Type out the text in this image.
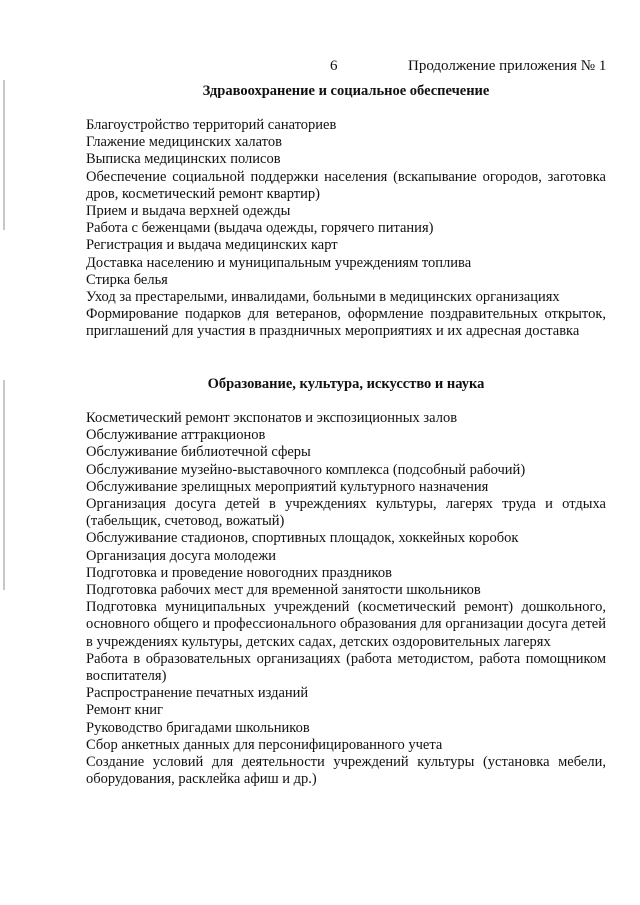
6	Продолжение приложения № 1
Здравоохранение и социальное обеспечение
Благоустройство территорий санаториев
Глажение медицинских халатов
Выписка медицинских полисов
Обеспечение социальной поддержки населения (вскапывание огородов, заготовка дров, косметический ремонт квартир)
Прием и выдача верхней одежды
Работа с беженцами (выдача одежды, горячего питания)
Регистрация и выдача медицинских карт
Доставка населению и муниципальным учреждениям топлива
Стирка белья
Уход за престарелыми, инвалидами, больными в медицинских организациях
Формирование подарков для ветеранов, оформление поздравительных открыток, приглашений для участия в праздничных мероприятиях и их адресная доставка
Образование, культура, искусство и наука
Косметический ремонт экспонатов и экспозиционных залов
Обслуживание аттракционов
Обслуживание библиотечной сферы
Обслуживание музейно-выставочного комплекса (подсобный рабочий)
Обслуживание зрелищных мероприятий культурного назначения
Организация досуга детей в учреждениях культуры, лагерях труда и отдыха (табельщик, счетовод, вожатый)
Обслуживание стадионов, спортивных площадок, хоккейных коробок
Организация досуга молодежи
Подготовка и проведение новогодних праздников
Подготовка рабочих мест для временной занятости школьников
Подготовка муниципальных учреждений (косметический ремонт) дошкольного, основного общего и профессионального образования для организации досуга детей в учреждениях культуры, детских садах, детских оздоровительных лагерях
Работа в образовательных организациях (работа методистом, работа помощником воспитателя)
Распространение печатных изданий
Ремонт книг
Руководство бригадами школьников
Сбор анкетных данных для персонифицированного учета
Создание условий для деятельности учреждений культуры (установка мебели, оборудования, расклейка афиш и др.)
